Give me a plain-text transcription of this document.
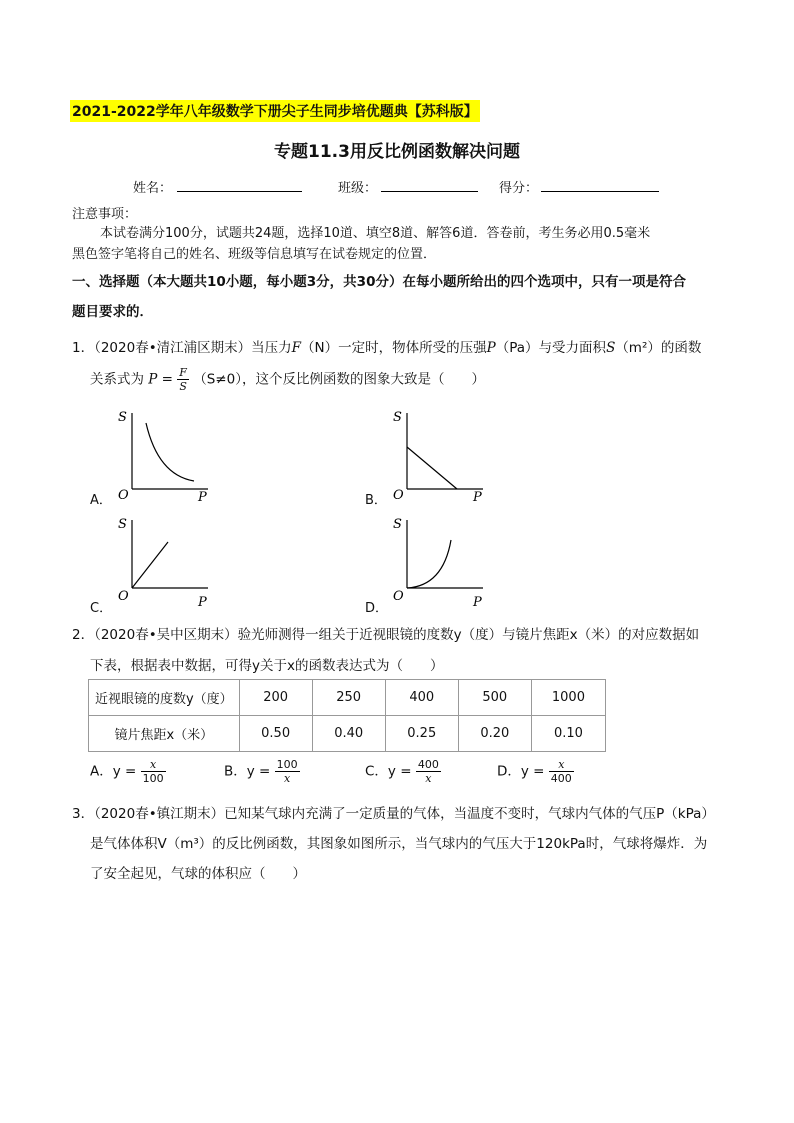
2021-2022学年八年级数学下册尖子生同步培优题典【苏科版】
专题11.3用反比例函数解决问题
姓名：	班级：	得分：
注意事项：
本试卷满分100分，试题共24题，选择10道、填空8道、解答6道．答卷前，考生务必用0.5毫米
黑色签字笔将自己的姓名、班级等信息填写在试卷规定的位置．
一、选择题（本大题共10小题，每小题3分，共30分）在每小题所给出的四个选项中，只有一项是符合
题目要求的．
1．（2020春•清江浦区期末）当压力F（N）一定时，物体所受的压强P（Pa）与受力面积S（m²）的函数
关系式为 $P = \frac{F}{S} (S\ne 0)$，这个反比例函数的图象大致是（　　）
A．
S
O	P	B．
S
O	P
C．
S
O	P	D．
S
O	P
2．（2020春•吴中区期末）验光师测得一组关于近视眼镜的度数y（度）与镜片焦距x（米）的对应数据如
下表，根据表中数据，可得y关于x的函数表达式为（　　）
近视眼镜的度数y（度）	200	250	400	500	1000
镜片焦距x（米）	0.50	0.40	0.25	0.20	0.10
A．$y = \frac{x}{100}$	B．$y = \frac{100}{x}$	C．$y = \frac{400}{x}$	D．$y = \frac{x}{400}$
3．（2020春•镇江期末）已知某气球内充满了一定质量的气体，当温度不变时，气球内气体的气压P（kPa）
是气体体积V（m³）的反比例函数，其图象如图所示，当气球内的气压大于120kPa时，气球将爆炸．为
了安全起见，气球的体积应（　　）
